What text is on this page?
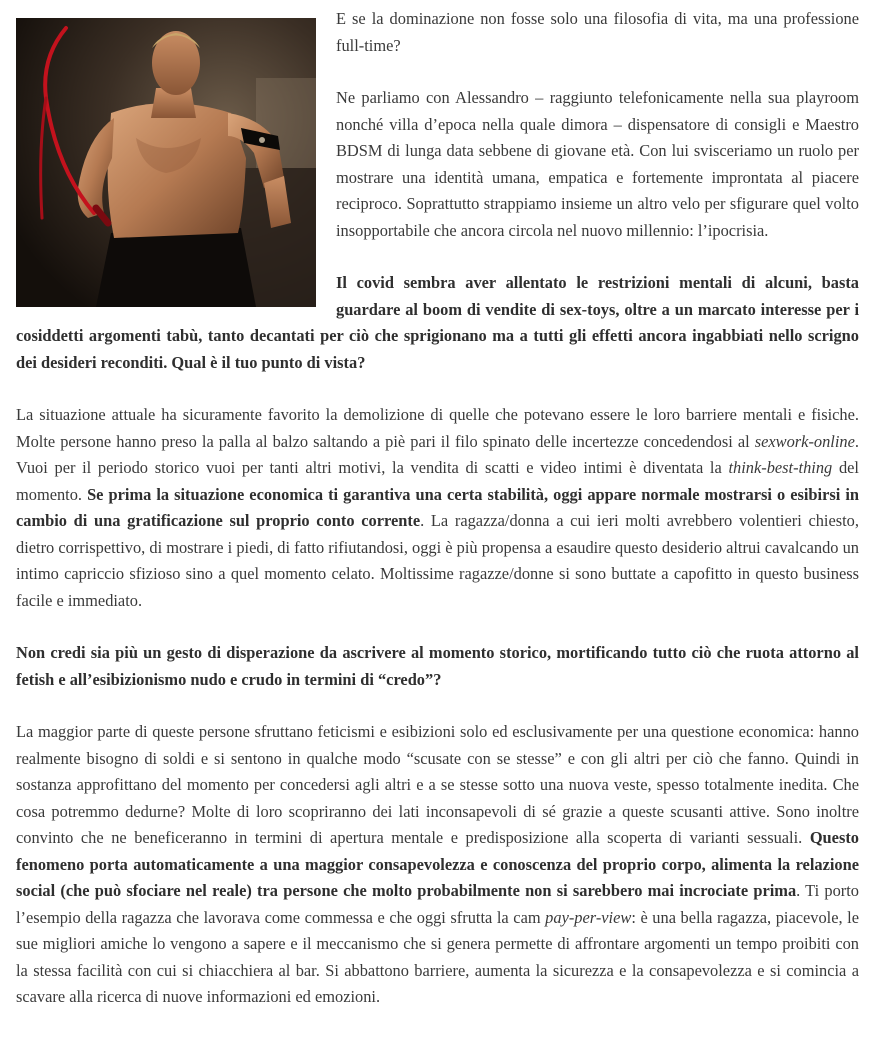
E se la dominazione non fosse solo una filosofia di vita, ma una professione full-time?

Ne parliamo con Alessandro – raggiunto telefonicamente nella sua playroom nonché villa d’epoca nella quale dimora – dispensatore di consigli e Maestro BDSM di lunga data sebbene di giovane età. Con lui svisceriamo un ruolo per mostrare una identità umana, empatica e fortemente improntata al piacere reciproco. Soprattutto strappiamo insieme un altro velo per sfigurare quel volto insopportabile che ancora circola nel nuovo millennio: l’ipocrisia.

Il covid sembra aver allentato le restrizioni mentali di alcuni, basta guardare al boom di vendite di sex-toys, oltre a un marcato interesse per i cosiddetti argomenti tabù, tanto decantati per ciò che sprigionano ma a tutti gli effetti ancora ingabbiati nello scrigno dei desideri reconditi. Qual è il tuo punto di vista?

La situazione attuale ha sicuramente favorito la demolizione di quelle che potevano essere le loro barriere mentali e fisiche. Molte persone hanno preso la palla al balzo saltando a piè pari il filo spinato delle incertezze concedendosi al sexwork-online. Vuoi per il periodo storico vuoi per tanti altri motivi, la vendita di scatti e video intimi è diventata la think-best-thing del momento. Se prima la situazione economica ti garantiva una certa stabilità, oggi appare normale mostrarsi o esibirsi in cambio di una gratificazione sul proprio conto corrente. La ragazza/donna a cui ieri molti avrebbero volentieri chiesto, dietro corrispettivo, di mostrare i piedi, di fatto rifiutandosi, oggi è più propensa a esaudire questo desiderio altrui cavalcando un intimo capriccio sfizioso sino a quel momento celato. Moltissime ragazze/donne si sono buttate a capofitto in questo business facile e immediato.

Non credi sia più un gesto di disperazione da ascrivere al momento storico, mortificando tutto ciò che ruota attorno al fetish e all’esibizionismo nudo e crudo in termini di “credo”?

La maggior parte di queste persone sfruttano feticismi e esibizioni solo ed esclusivamente per una questione economica: hanno realmente bisogno di soldi e si sentono in qualche modo “scusate con se stesse” e con gli altri per ciò che fanno. Quindi in sostanza approfittano del momento per concedersi agli altri e a se stesse sotto una nuova veste, spesso totalmente inedita. Che cosa potremmo dedurne? Molte di loro scopriranno dei lati inconsapevoli di sé grazie a queste scusanti attive. Sono inoltre convinto che ne beneficeranno in termini di apertura mentale e predisposizione alla scoperta di varianti sessuali. Questo fenomeno porta automaticamente a una maggior consapevolezza e conoscenza del proprio corpo, alimenta la relazione social (che può sfociare nel reale) tra persone che molto probabilmente non si sarebbero mai incrociate prima. Ti porto l’esempio della ragazza che lavorava come commessa e che oggi sfrutta la cam pay-per-view: è una bella ragazza, piacevole, le sue migliori amiche lo vengono a sapere e il meccanismo che si genera permette di affrontare argomenti un tempo proibiti con la stessa facilità con cui si chiacchiera al bar. Si abbattono barriere, aumenta la sicurezza e la consapevolezza e si comincia a scavare alla ricerca di nuove informazioni ed emozioni.
